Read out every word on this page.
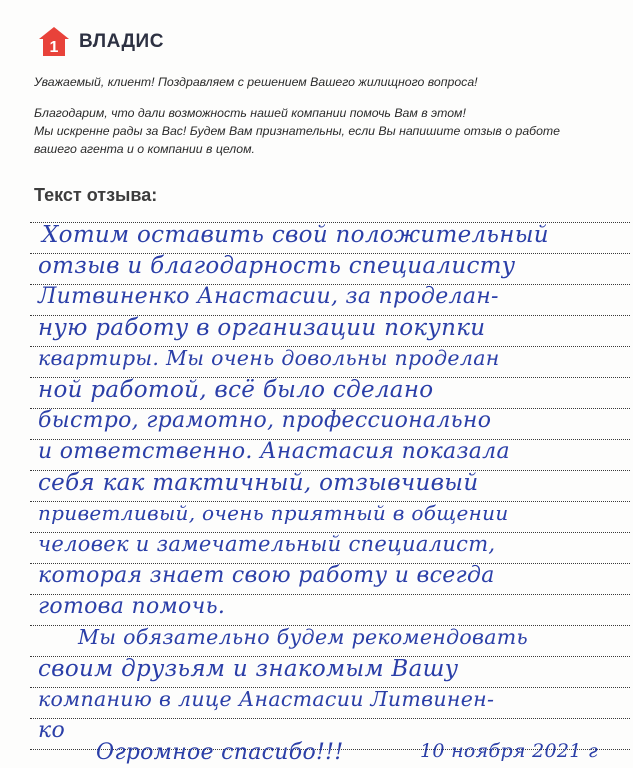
1 ВЛАДИС
Уважаемый, клиент! Поздравляем с решением Вашего жилищного вопроса!
Благодарим, что дали возможность нашей компании помочь Вам в этом!
Мы искренне рады за Вас! Будем Вам признательны, если Вы напишите отзыв о работе
вашего агента и о компании в целом.
Текст отзыва:
Хотим оставить свой положительный
отзыв и благодарность специалисту
Литвиненко Анастасии, за проделан-
ную работу в организации покупки
квартиры. Мы очень довольны проделан
ной работой, всё было сделано
быстро, грамотно, профессионально
и ответственно. Анастасия показала
себя как тактичный, отзывчивый
приветливый, очень приятный в общении
человек и замечательный специалист,
которая знает свою работу и всегда
готова помочь.
Мы обязательно будем рекомендовать
своим друзьям и знакомым Вашу
компанию в лице Анастасии Литвинен-
ко
Огромное спасибо!!!	10 ноября 2021 г
